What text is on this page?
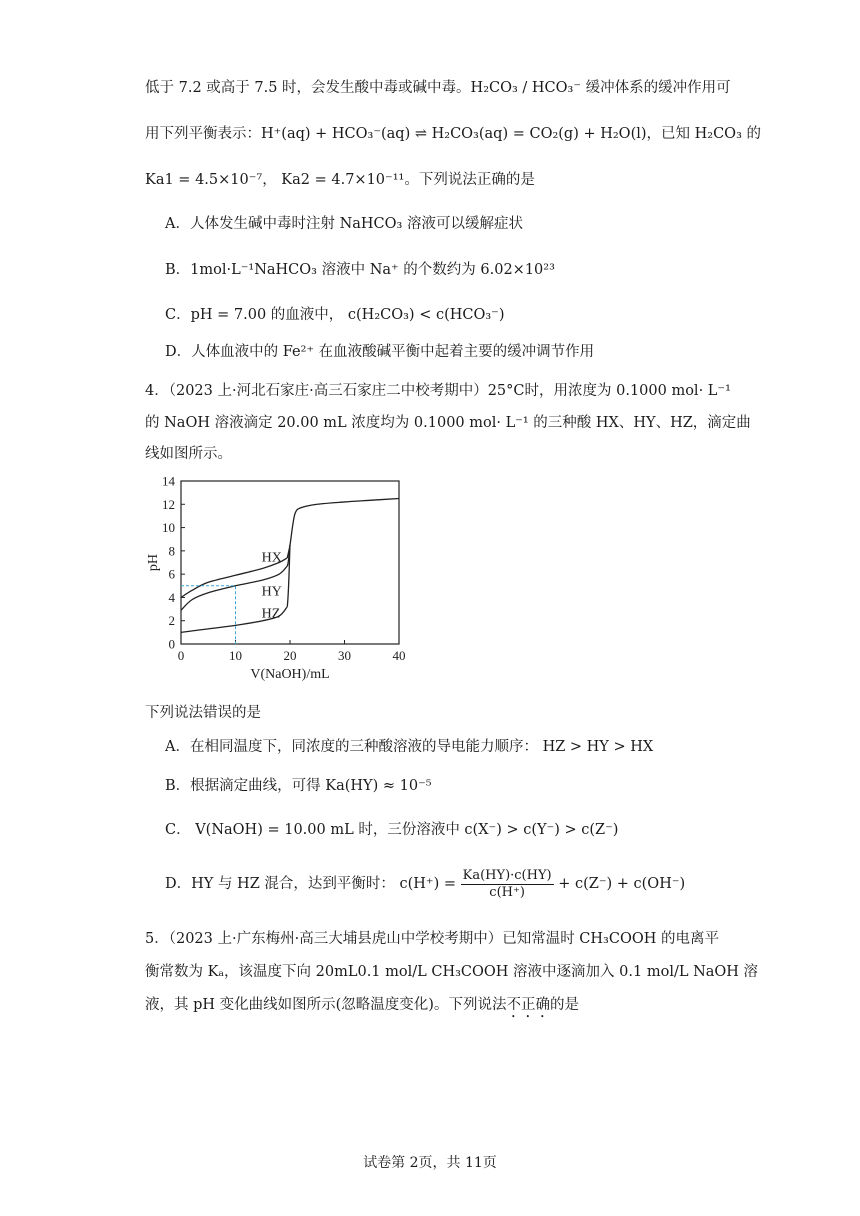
低于 7.2 或高于 7.5 时，会发生酸中毒或碱中毒。H₂CO₃ / HCO₃⁻ 缓冲体系的缓冲作用可
用下列平衡表示：H⁺(aq) + HCO₃⁻(aq) ⇌ H₂CO₃(aq) = CO₂(g) + H₂O(l)，已知 H₂CO₃ 的
Ka1 = 4.5×10⁻⁷， Ka2 = 4.7×10⁻¹¹。下列说法正确的是
A．人体发生碱中毒时注射 NaHCO₃ 溶液可以缓解症状
B．1mol·L⁻¹NaHCO₃ 溶液中 Na⁺ 的个数约为 6.02×10²³
C．pH = 7.00 的血液中， c(H₂CO₃) < c(HCO₃⁻)
D．人体血液中的 Fe²⁺ 在血液酸碱平衡中起着主要的缓冲调节作用
4．（2023 上·河北石家庄·高三石家庄二中校考期中）25°C时，用浓度为 0.1000 mol· L⁻¹
的 NaOH 溶液滴定 20.00 mL 浓度均为 0.1000 mol· L⁻¹ 的三种酸 HX、HY、HZ，滴定曲
线如图所示。
0	10	20	30	40
0
2
4
6
8
10
12
14
V(NaOH)/mL
pH	HX
HY
HZ
下列说法错误的是
A．在相同温度下，同浓度的三种酸溶液的导电能力顺序： HZ > HY > HX
B．根据滴定曲线，可得 Ka(HY) ≈ 10⁻⁵
C． V(NaOH) = 10.00 mL 时，三份溶液中 c(X⁻) > c(Y⁻) > c(Z⁻)
D．HY 与 HZ 混合，达到平衡时： $c(H^+) = \frac{Ka(HY)\cdot c(HY)}{c(H^+)} + c(Z^-) + c(OH^-)$
5．（2023 上·广东梅州·高三大埔县虎山中学校考期中）已知常温时 CH₃COOH 的电离平
衡常数为 Kₐ，该温度下向 20mL0.1 mol/L CH₃COOH 溶液中逐滴加入 0.1 mol/L NaOH 溶
液，其 pH 变化曲线如图所示(忽略温度变化)。下列说法不正确的是
试卷第 2页，共 11页
